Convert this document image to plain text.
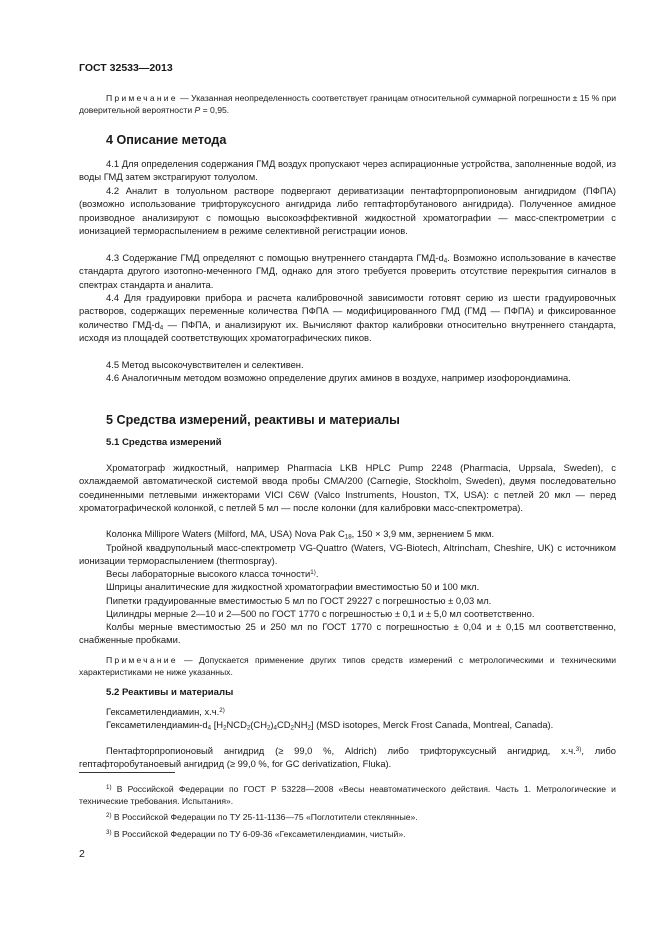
ГОСТ 32533—2013

Примечание — Указанная неопределенность соответствует границам относительной суммарной погрешности ± 15 % при доверительной вероятности P = 0,95.

4 Описание метода

4.1 Для определения содержания ГМД воздух пропускают через аспирационные устройства, заполненные водой, из воды ГМД затем экстрагируют толуолом.

4.2 Аналит в толуольном растворе подвергают дериватизации пентафторпропионовым ангидридом (ПФПА) (возможно использование трифторуксусного ангидрида либо гептафторбутанового ангидрида). Полученное амидное производное анализируют с помощью высокоэффективной жидкостной хроматографии — масс-спектрометрии с ионизацией термораспылением в режиме селективной регистрации ионов.

4.3 Содержание ГМД определяют с помощью внутреннего стандарта ГМД-$d_4$. Возможно использование в качестве стандарта другого изотопно-меченного ГМД, однако для этого требуется проверить отсутствие перекрытия сигналов в спектрах стандарта и аналита.

4.4 Для градуировки прибора и расчета калибровочной зависимости готовят серию из шести градуировочных растворов, содержащих переменные количества ПФПА — модифицированного ГМД (ГМД — ПФПА) и фиксированное количество ГМД-$d_4$ — ПФПА, и анализируют их. Вычисляют фактор калибровки относительно внутреннего стандарта, исходя из площадей соответствующих хроматографических пиков.

4.5 Метод высокочувствителен и селективен.

4.6 Аналогичным методом возможно определение других аминов в воздухе, например изофорондиамина.

5 Средства измерений, реактивы и материалы
5.1 Средства измерений

Хроматограф жидкостный, например Pharmacia LKB HPLC Pump 2248 (Pharmacia, Uppsala, Sweden), с охлаждаемой автоматической системой ввода пробы CMA/200 (Carnegie, Stockholm, Sweden), двумя последовательно соединенными петлевыми инжекторами VICI C6W (Valco Instruments, Houston, TX, USA): с петлей 20 мкл — перед хроматографической колонкой, с петлей 5 мл — после колонки (для калибровки масс-спектрометра).

Колонка Millipore Waters (Milford, MA, USA) Nova Pak $C_{18}$, 150 × 3,9 мм, зернением 5 мкм.

Тройной квадрупольный масс-спектрометр VG-Quattro (Waters, VG-Biotech, Altrincham, Cheshire, UK) с источником ионизации термораспылением (thermospray).

Весы лабораторные высокого класса точности$^{1)}$.

Шприцы аналитические для жидкостной хроматографии вместимостью 50 и 100 мкл.

Пипетки градуированные вместимостью 5 мл по ГОСТ 29227 с погрешностью ± 0,03 мл.

Цилиндры мерные 2—10 и 2—500 по ГОСТ 1770 с погрешностью ± 0,1 и ± 5,0 мл соответственно.

Колбы мерные вместимостью 25 и 250 мл по ГОСТ 1770 с погрешностью ± 0,04 и ± 0,15 мл соответственно, снабженные пробками.

Примечание — Допускается применение других типов средств измерений с метрологическими и техническими характеристиками не ниже указанных.

5.2 Реактивы и материалы

Гексаметилендиамин, х.ч.$^{2)}$

Гексаметилендиамин-$d_4$ $[H_2NCD_2(CH_2)_4CD_2NH_2]$ (MSD isotopes, Merck Frost Canada, Montreal, Canada).

Пентафторпропионовый ангидрид (≥ 99,0 %, Aldrich) либо трифторуксусный ангидрид, х.ч.$^{3)}$, либо гептафторобутаноевый ангидрид (≥ 99,0 %, for GC derivatization, Fluka).

$^{1)}$ В Российской Федерации по ГОСТ Р 53228—2008 «Весы неавтоматического действия. Часть 1. Метрологические и технические требования. Испытания».

$^{2)}$ В Российской Федерации по ТУ 25-11-1136—75 «Поглотители стеклянные».

$^{3)}$ В Российской Федерации по ТУ 6-09-36 «Гексаметилендиамин, чистый».

2
